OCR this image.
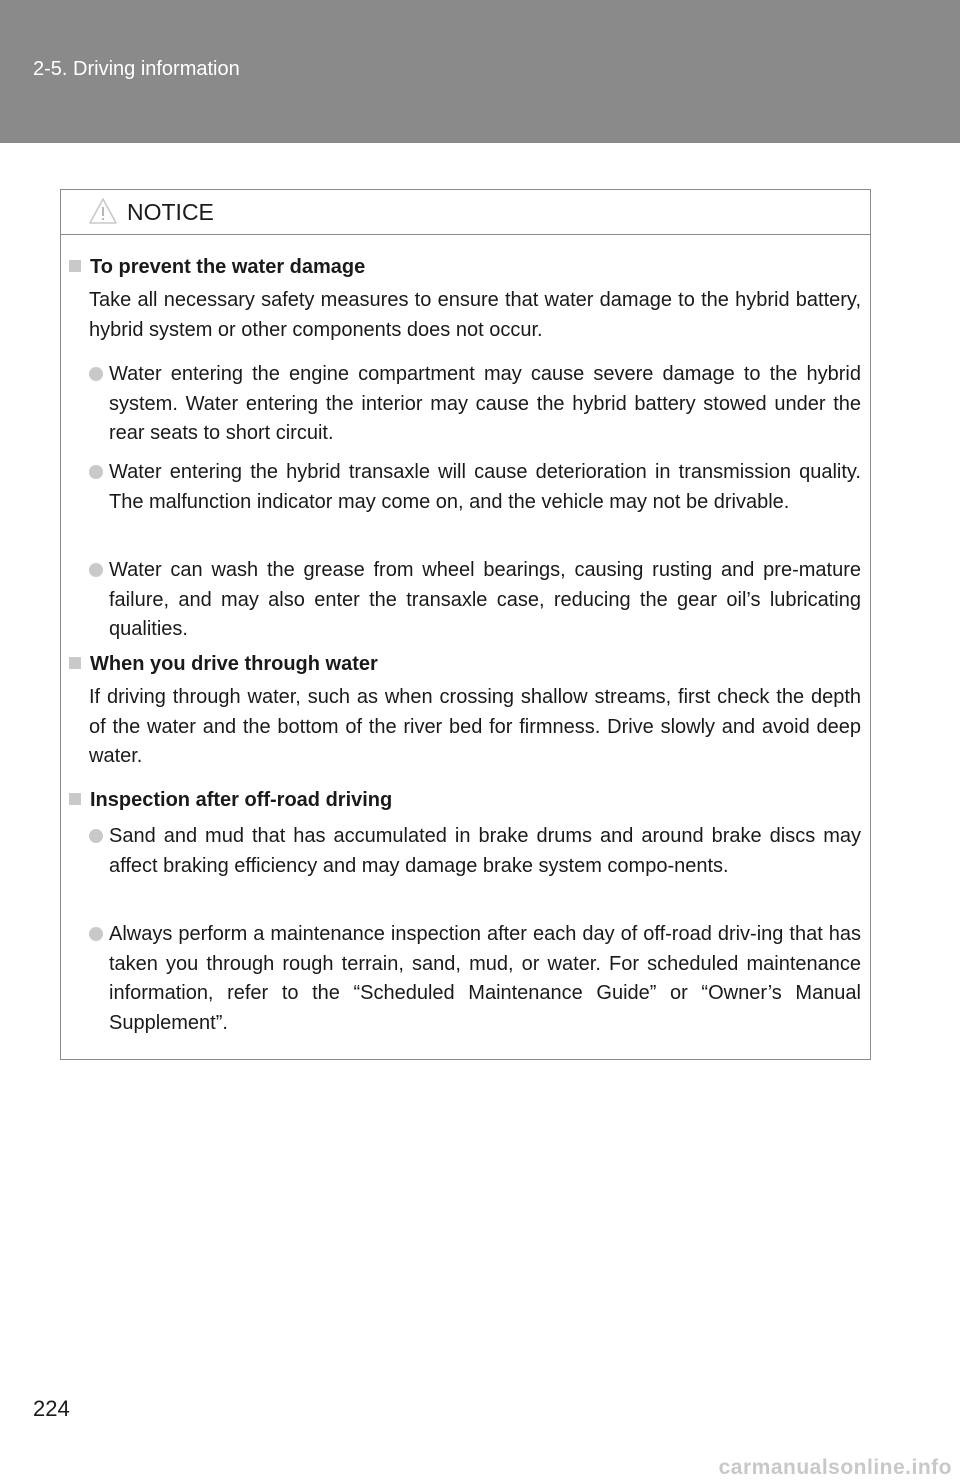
2-5. Driving information
NOTICE
To prevent the water damage
Take all necessary safety measures to ensure that water damage to the hybrid battery, hybrid system or other components does not occur.
Water entering the engine compartment may cause severe damage to the hybrid system. Water entering the interior may cause the hybrid battery stowed under the rear seats to short circuit.
Water entering the hybrid transaxle will cause deterioration in transmission quality. The malfunction indicator may come on, and the vehicle may not be drivable.
Water can wash the grease from wheel bearings, causing rusting and pre-mature failure, and may also enter the transaxle case, reducing the gear oil’s lubricating qualities.
When you drive through water
If driving through water, such as when crossing shallow streams, first check the depth of the water and the bottom of the river bed for firmness. Drive slowly and avoid deep water.
Inspection after off-road driving
Sand and mud that has accumulated in brake drums and around brake discs may affect braking efficiency and may damage brake system compo-nents.
Always perform a maintenance inspection after each day of off-road driv-ing that has taken you through rough terrain, sand, mud, or water. For scheduled maintenance information, refer to the “Scheduled Maintenance Guide” or “Owner’s Manual Supplement”.
224
carmanualsonline.info
